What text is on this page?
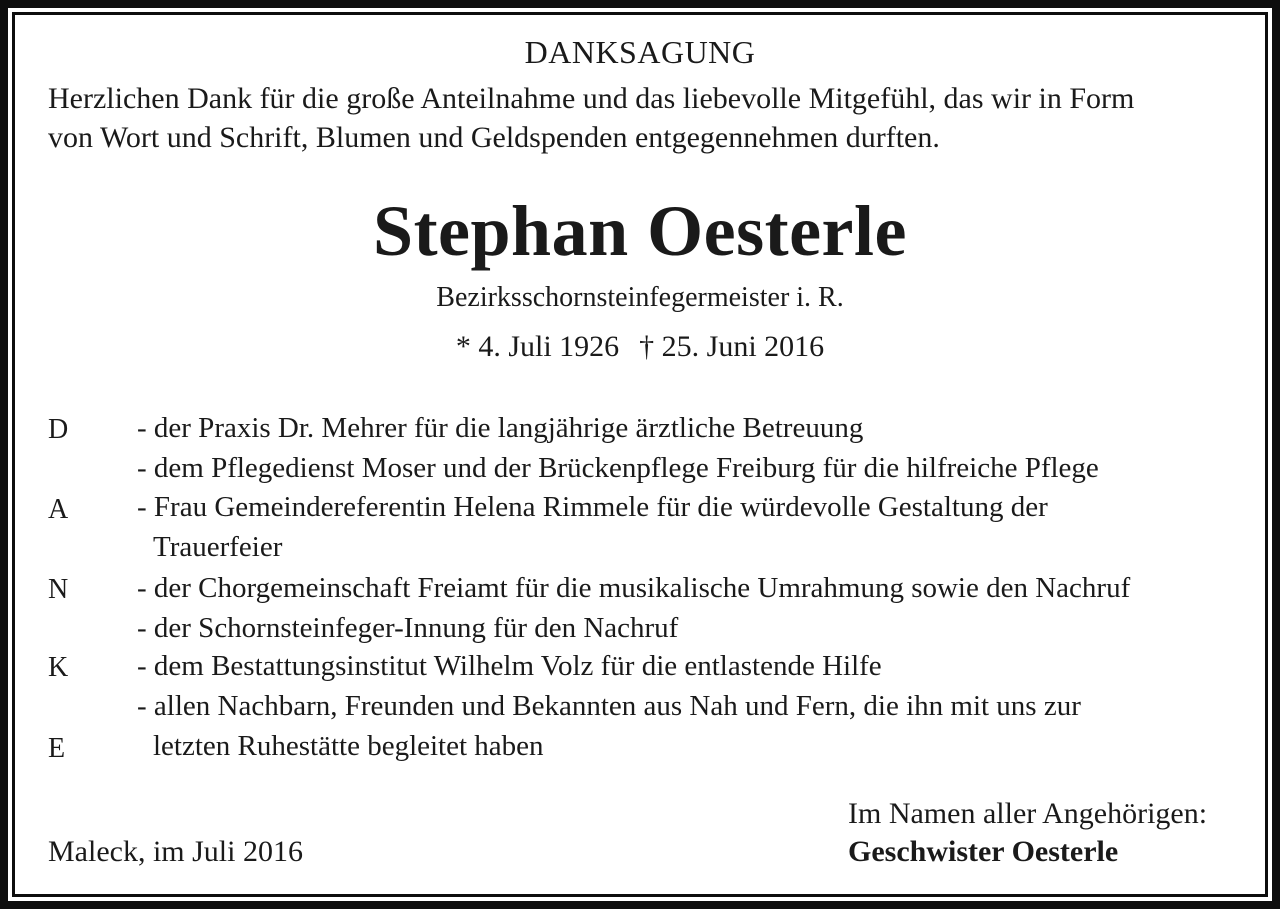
DANKSAGUNG
Herzlichen Dank für die große Anteilnahme und das liebevolle Mitgefühl, das wir in Form
von Wort und Schrift, Blumen und Geldspenden entgegennehmen durften.
Stephan Oesterle
Bezirksschornsteinfegermeister i. R.
* 4. Juli 1926 † 25. Juni 2016
D
A
N
K
E
- der Praxis Dr. Mehrer für die langjährige ärztliche Betreuung
- dem Pflegedienst Moser und der Brückenpflege Freiburg für die hilfreiche Pflege
- Frau Gemeindereferentin Helena Rimmele für die würdevolle Gestaltung der
Trauerfeier
- der Chorgemeinschaft Freiamt für die musikalische Umrahmung sowie den Nachruf
- der Schornsteinfeger-Innung für den Nachruf
- dem Bestattungsinstitut Wilhelm Volz für die entlastende Hilfe
- allen Nachbarn, Freunden und Bekannten aus Nah und Fern, die ihn mit uns zur
letzten Ruhestätte begleitet haben
Im Namen aller Angehörigen:
Maleck, im Juli 2016	Geschwister Oesterle
